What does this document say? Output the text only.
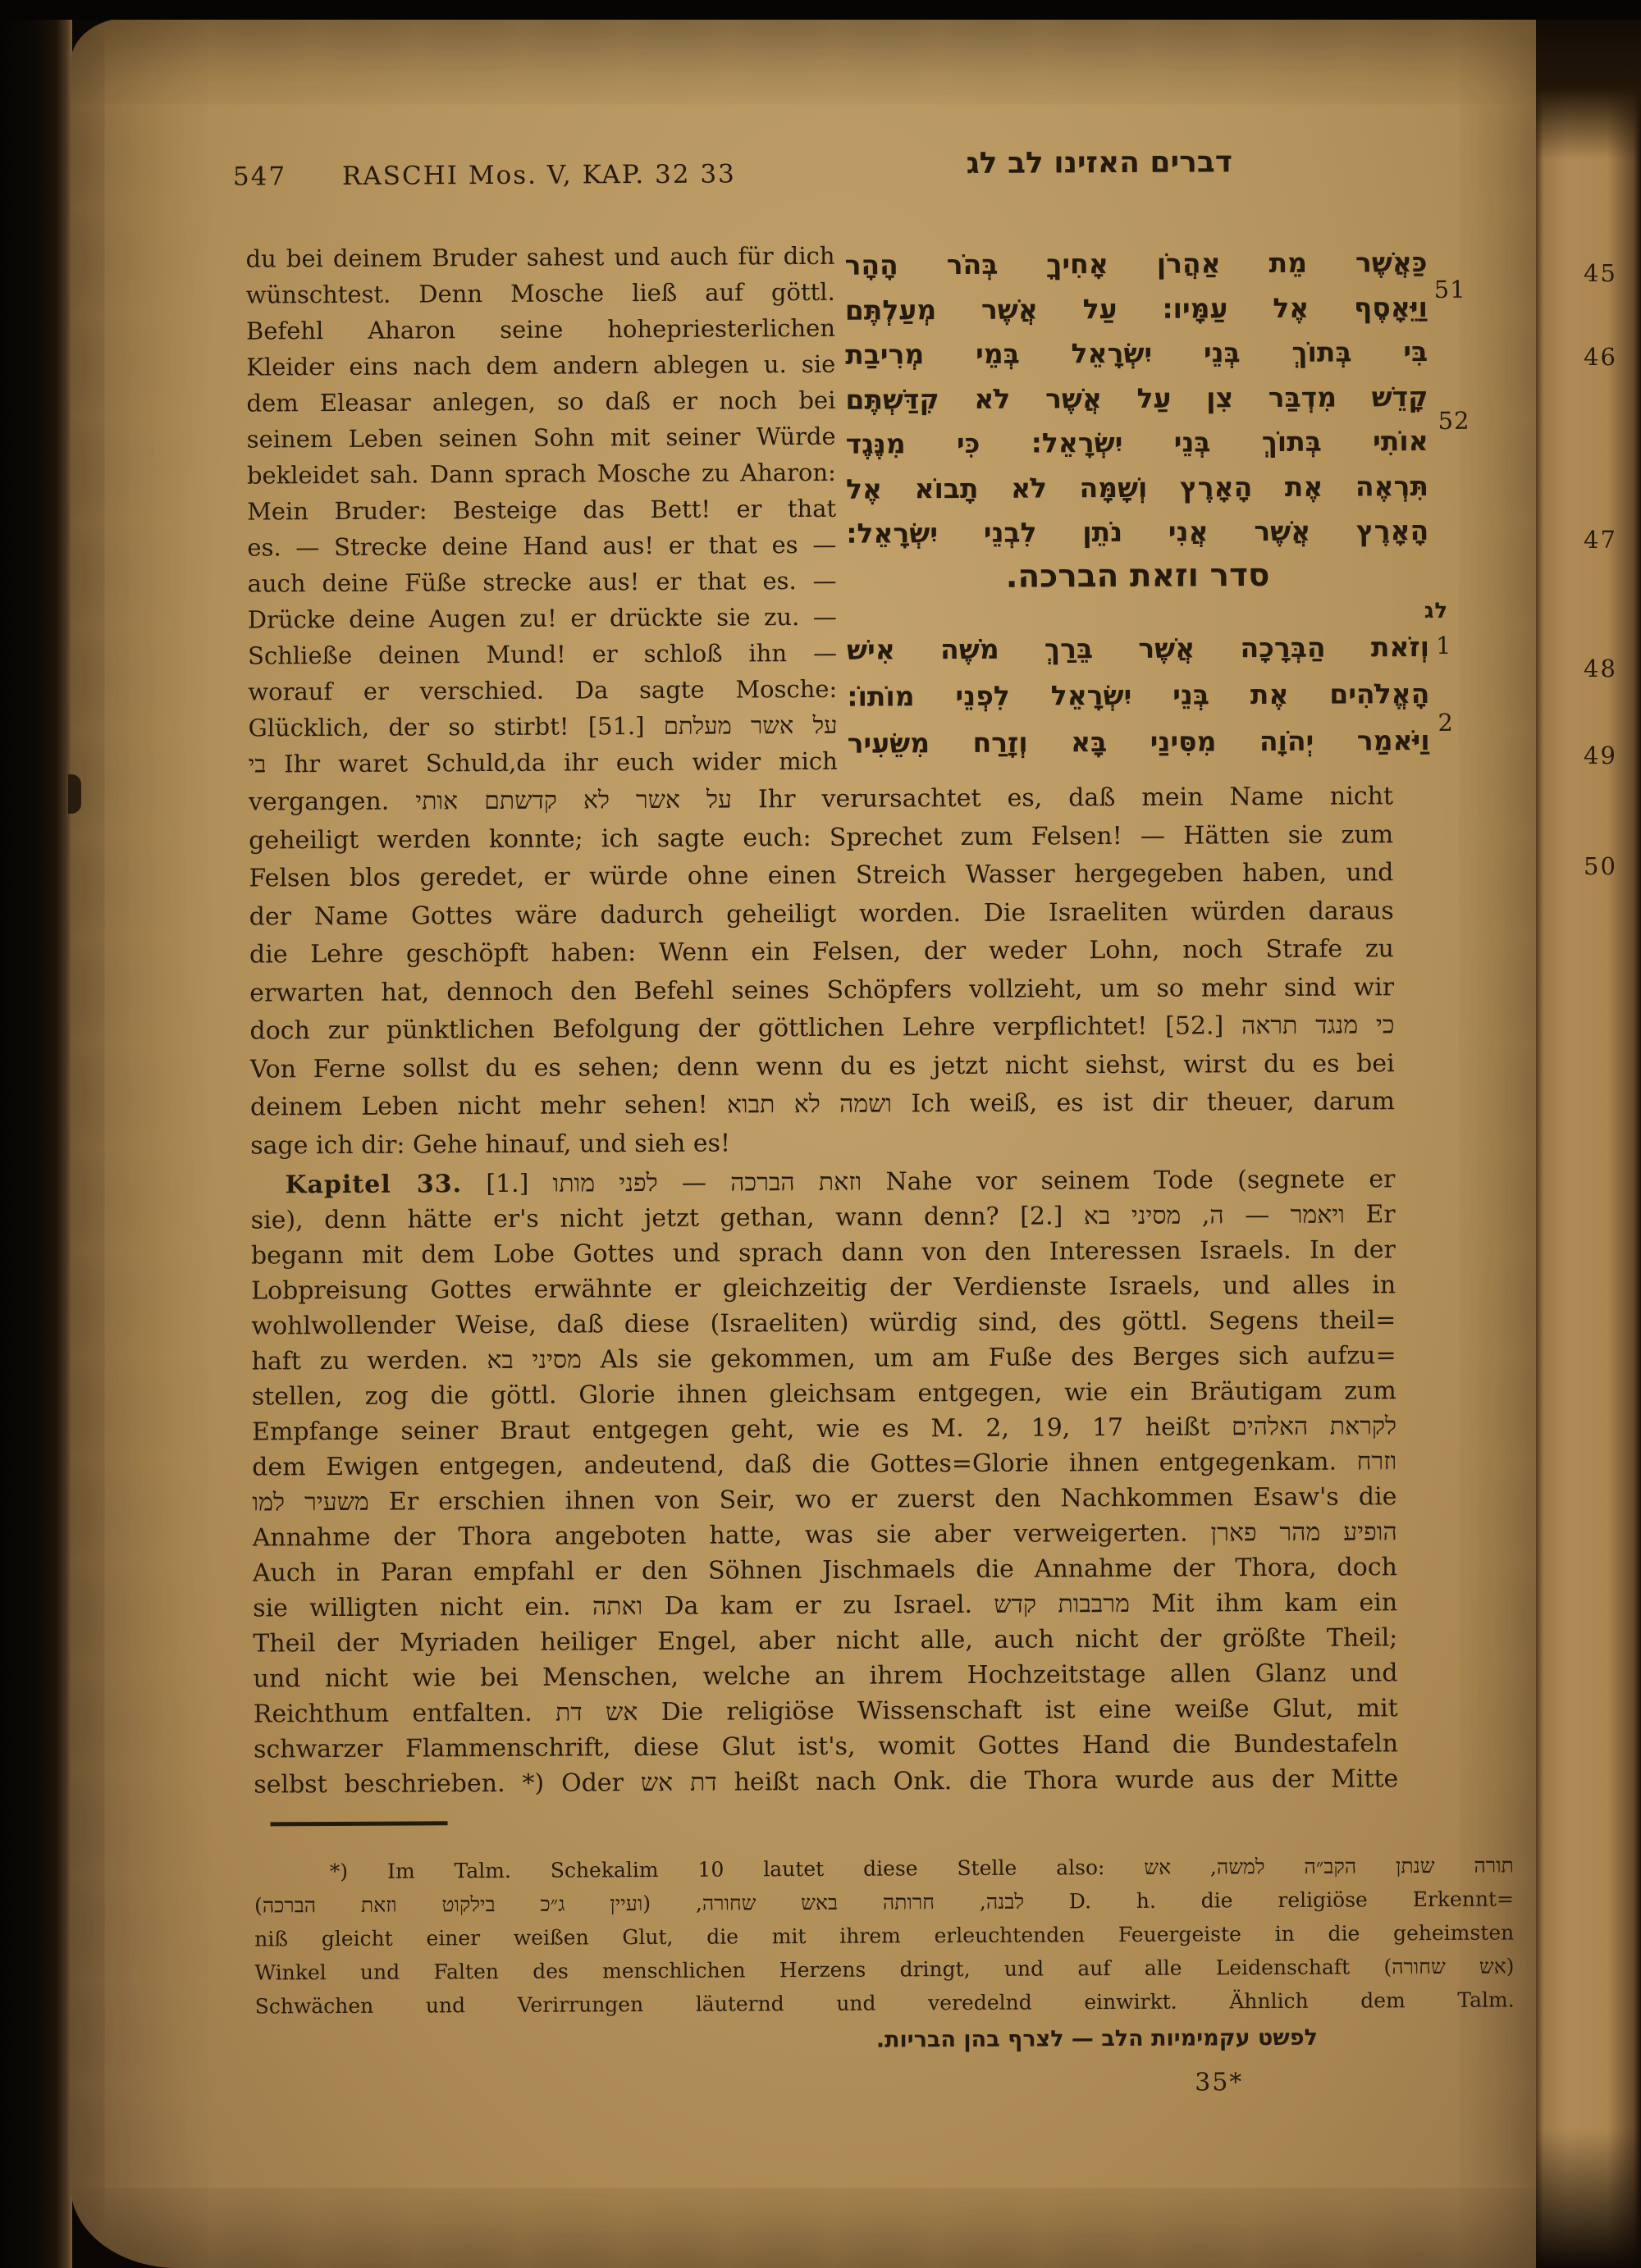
547 RASCHI Mos. V, KAP. 32 33	דברים האזינו לב לג
du bei deinem Bruder sahest und auch für dich
wünschtest. Denn Mosche ließ auf göttl.
Befehl Aharon seine hohepriesterlichen
Kleider eins nach dem andern ablegen u. sie
dem Eleasar anlegen, so daß er noch bei
seinem Leben seinen Sohn mit seiner Würde
bekleidet sah. Dann sprach Mosche zu Aharon:
Mein Bruder: Besteige das Bett! er that
es. — Strecke deine Hand aus! er that es —
auch deine Füße strecke aus! er that es. —
Drücke deine Augen zu! er drückte sie zu. —
Schließe deinen Mund! er schloß ihn —
worauf er verschied. Da sagte Mosche:
Glücklich, der so stirbt! [51.] על אשר מעלתם
בי Ihr waret Schuld,da ihr euch wider mich
כַּאֲשֶׁר מֵת אַהֲרֹן אָחִיךָ בְּהֹר הָהָר
וַיֵּאָסֶף אֶל עַמָּיו: עַל אֲשֶׁר מְעַלְתֶּם
בִּי בְּתוֹךְ בְּנֵי יִשְׂרָאֵל בְּמֵי מְרִיבַת
קָדֵשׁ מִדְבַּר צִן עַל אֲשֶׁר לֹא קִדַּשְׁתֶּם
אוֹתִי בְּתוֹךְ בְּנֵי יִשְׂרָאֵל: כִּי מִנֶּגֶד
תִּרְאֶה אֶת הָאָרֶץ וְשָׁמָּה לֹא תָבוֹא אֶל
הָאָרֶץ אֲשֶׁר אֲנִי נֹתֵן לִבְנֵי יִשְׂרָאֵל:
סדר וזאת הברכה.
וְזֹאת הַבְּרָכָה אֲשֶׁר בֵּרַךְ מֹשֶׁה אִישׁ
הָאֱלֹהִים אֶת בְּנֵי יִשְׂרָאֵל לִפְנֵי מוֹתוֹ:
וַיֹּאמַר יְהֹוָה מִסִּינַי בָּא וְזָרַח מִשֵּׂעִיר
51
52
לג
1
2
vergangen. על אשר לא קדשתם אותי Ihr verursachtet es, daß mein Name nicht
geheiligt werden konnte; ich sagte euch: Sprechet zum Felsen! — Hätten sie zum
Felsen blos geredet, er würde ohne einen Streich Wasser hergegeben haben, und
der Name Gottes wäre dadurch geheiligt worden. Die Israeliten würden daraus
die Lehre geschöpft haben: Wenn ein Felsen, der weder Lohn, noch Strafe zu
erwarten hat, dennoch den Befehl seines Schöpfers vollzieht, um so mehr sind wir
doch zur pünktlichen Befolgung der göttlichen Lehre verpflichtet! [52.] כי מנגד תראה
Von Ferne sollst du es sehen; denn wenn du es jetzt nicht siehst, wirst du es bei
deinem Leben nicht mehr sehen! ושמה לא תבוא Ich weiß, es ist dir theuer, darum
sage ich dir: Gehe hinauf, und sieh es!
Kapitel 33. [1.] וזאת הברכה — לפני מותו Nahe vor seinem Tode (segnete er
sie), denn hätte er's nicht jetzt gethan, wann denn? [2.] ויאמר — ה, מסיני בא Er
begann mit dem Lobe Gottes und sprach dann von den Interessen Israels. In der
Lobpreisung Gottes erwähnte er gleichzeitig der Verdienste Israels, und alles in
wohlwollender Weise, daß diese (Israeliten) würdig sind, des göttl. Segens theil=
haft zu werden. מסיני בא Als sie gekommen, um am Fuße des Berges sich aufzu=
stellen, zog die göttl. Glorie ihnen gleichsam entgegen, wie ein Bräutigam zum
Empfange seiner Braut entgegen geht, wie es M. 2, 19, 17 heißt לקראת האלהים
dem Ewigen entgegen, andeutend, daß die Gottes=Glorie ihnen entgegenkam. וזרח
משעיר למו Er erschien ihnen von Seir, wo er zuerst den Nachkommen Esaw's die
Annahme der Thora angeboten hatte, was sie aber verweigerten. הופיע מהר פארן
Auch in Paran empfahl er den Söhnen Jischmaels die Annahme der Thora, doch
sie willigten nicht ein. ואתה Da kam er zu Israel. מרבבות קדש Mit ihm kam ein
Theil der Myriaden heiliger Engel, aber nicht alle, auch nicht der größte Theil;
und nicht wie bei Menschen, welche an ihrem Hochzeitstage allen Glanz und
Reichthum entfalten. אש דת Die religiöse Wissenschaft ist eine weiße Glut, mit
schwarzer Flammenschrift, diese Glut ist's, womit Gottes Hand die Bundestafeln
selbst beschrieben. *) Oder דת אש heißt nach Onk. die Thora wurde aus der Mitte
*) Im Talm. Schekalim 10 lautet diese Stelle also: תורה שנתן הקב״ה למשה, אש
לבנה, חרותה באש שחורה, (ועיין ג״כ בילקוט וזאת הברכה) D. h. die religiöse Erkennt=
niß gleicht einer weißen Glut, die mit ihrem erleuchtenden Feuergeiste in die geheimsten
Winkel und Falten des menschlichen Herzens dringt, und auf alle Leidenschaft (אש שחורה)
Schwächen und Verirrungen läuternd und veredelnd einwirkt. Ähnlich dem Talm.
לפשט עקמימיות הלב — לצרף בהן הבריות.
35*
45
46
47
48
49
50
